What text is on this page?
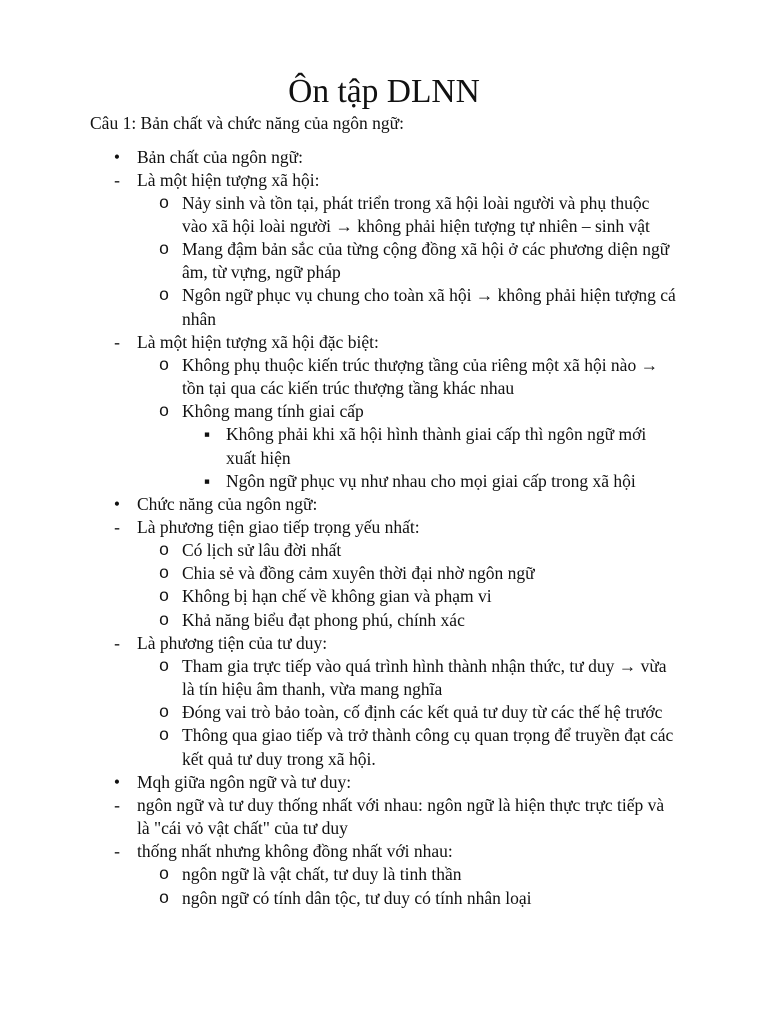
Ôn tập DLNN

Câu 1: Bản chất và chức năng của ngôn ngữ:

• Bản chất của ngôn ngữ:
- Là một hiện tượng xã hội:
o Nảy sinh và tồn tại, phát triển trong xã hội loài người và phụ thuộc
vào xã hội loài người → không phải hiện tượng tự nhiên – sinh vật
o Mang đậm bản sắc của từng cộng đồng xã hội ở các phương diện ngữ
âm, từ vựng, ngữ pháp
o Ngôn ngữ phục vụ chung cho toàn xã hội → không phải hiện tượng cá
nhân
- Là một hiện tượng xã hội đặc biệt:
o Không phụ thuộc kiến trúc thượng tầng của riêng một xã hội nào →
tồn tại qua các kiến trúc thượng tầng khác nhau
o Không mang tính giai cấp
▪ Không phải khi xã hội hình thành giai cấp thì ngôn ngữ mới
xuất hiện
▪ Ngôn ngữ phục vụ như nhau cho mọi giai cấp trong xã hội
• Chức năng của ngôn ngữ:
- Là phương tiện giao tiếp trọng yếu nhất:
o Có lịch sử lâu đời nhất
o Chia sẻ và đồng cảm xuyên thời đại nhờ ngôn ngữ
o Không bị hạn chế về không gian và phạm vi
o Khả năng biểu đạt phong phú, chính xác
- Là phương tiện của tư duy:
o Tham gia trực tiếp vào quá trình hình thành nhận thức, tư duy → vừa
là tín hiệu âm thanh, vừa mang nghĩa
o Đóng vai trò bảo toàn, cố định các kết quả tư duy từ các thế hệ trước
o Thông qua giao tiếp và trở thành công cụ quan trọng để truyền đạt các
kết quả tư duy trong xã hội.
• Mqh giữa ngôn ngữ và tư duy:
- ngôn ngữ và tư duy thống nhất với nhau: ngôn ngữ là hiện thực trực tiếp và
là "cái vỏ vật chất" của tư duy
- thống nhất nhưng không đồng nhất với nhau:
o ngôn ngữ là vật chất, tư duy là tinh thần
o ngôn ngữ có tính dân tộc, tư duy có tính nhân loại
